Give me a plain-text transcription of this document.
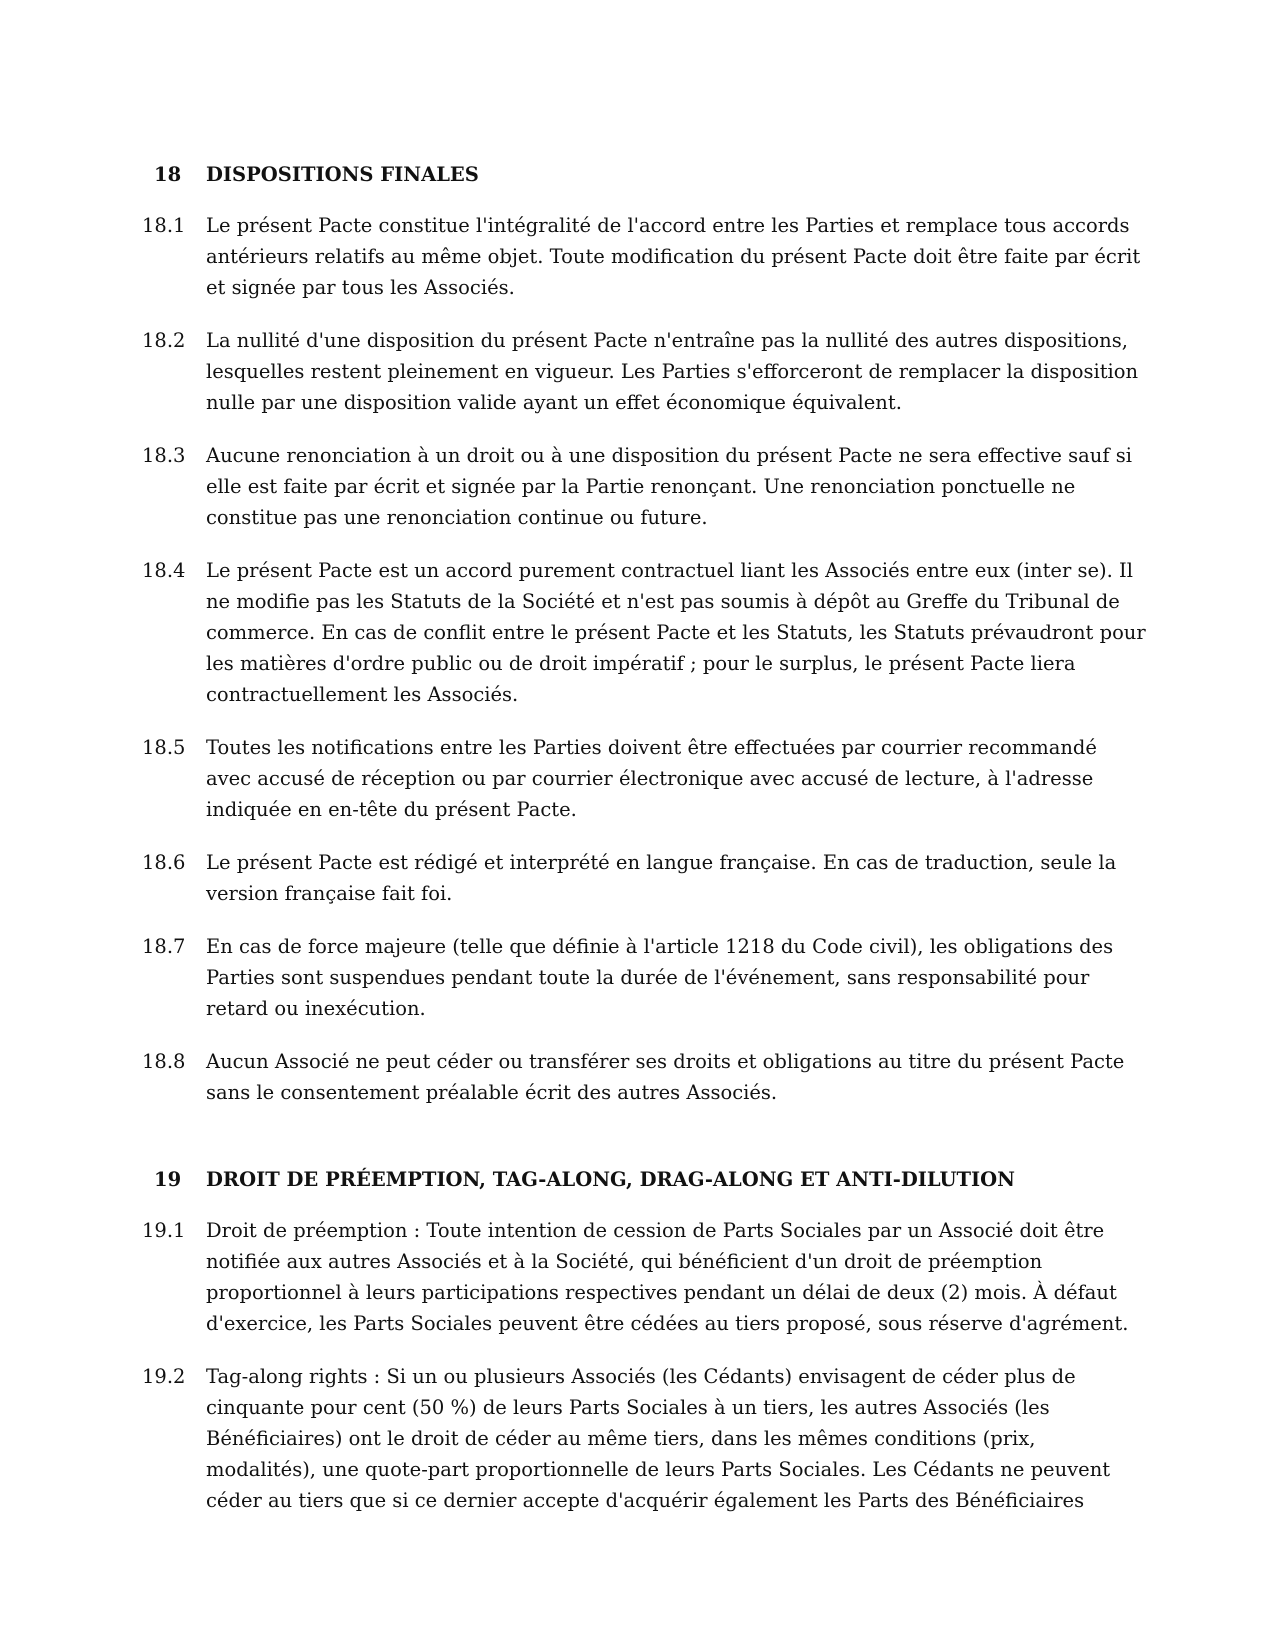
18 DISPOSITIONS FINALES
18.1 Le présent Pacte constitue l'intégralité de l'accord entre les Parties et remplace tous accords
antérieurs relatifs au même objet. Toute modification du présent Pacte doit être faite par écrit
et signée par tous les Associés.
18.2 La nullité d'une disposition du présent Pacte n'entraîne pas la nullité des autres dispositions,
lesquelles restent pleinement en vigueur. Les Parties s'efforceront de remplacer la disposition
nulle par une disposition valide ayant un effet économique équivalent.
18.3 Aucune renonciation à un droit ou à une disposition du présent Pacte ne sera effective sauf si
elle est faite par écrit et signée par la Partie renonçant. Une renonciation ponctuelle ne
constitue pas une renonciation continue ou future.
18.4 Le présent Pacte est un accord purement contractuel liant les Associés entre eux (inter se). Il
ne modifie pas les Statuts de la Société et n'est pas soumis à dépôt au Greffe du Tribunal de
commerce. En cas de conflit entre le présent Pacte et les Statuts, les Statuts prévaudront pour
les matières d'ordre public ou de droit impératif ; pour le surplus, le présent Pacte liera
contractuellement les Associés.
18.5 Toutes les notifications entre les Parties doivent être effectuées par courrier recommandé
avec accusé de réception ou par courrier électronique avec accusé de lecture, à l'adresse
indiquée en en-tête du présent Pacte.
18.6 Le présent Pacte est rédigé et interprété en langue française. En cas de traduction, seule la
version française fait foi.
18.7 En cas de force majeure (telle que définie à l'article 1218 du Code civil), les obligations des
Parties sont suspendues pendant toute la durée de l'événement, sans responsabilité pour
retard ou inexécution.
18.8 Aucun Associé ne peut céder ou transférer ses droits et obligations au titre du présent Pacte
sans le consentement préalable écrit des autres Associés.
19 DROIT DE PRÉEMPTION, TAG-ALONG, DRAG-ALONG ET ANTI-DILUTION
19.1 Droit de préemption : Toute intention de cession de Parts Sociales par un Associé doit être
notifiée aux autres Associés et à la Société, qui bénéficient d'un droit de préemption
proportionnel à leurs participations respectives pendant un délai de deux (2) mois. À défaut
d'exercice, les Parts Sociales peuvent être cédées au tiers proposé, sous réserve d'agrément.
19.2 Tag-along rights : Si un ou plusieurs Associés (les Cédants) envisagent de céder plus de
cinquante pour cent (50 %) de leurs Parts Sociales à un tiers, les autres Associés (les
Bénéficiaires) ont le droit de céder au même tiers, dans les mêmes conditions (prix,
modalités), une quote-part proportionnelle de leurs Parts Sociales. Les Cédants ne peuvent
céder au tiers que si ce dernier accepte d'acquérir également les Parts des Bénéficiaires
